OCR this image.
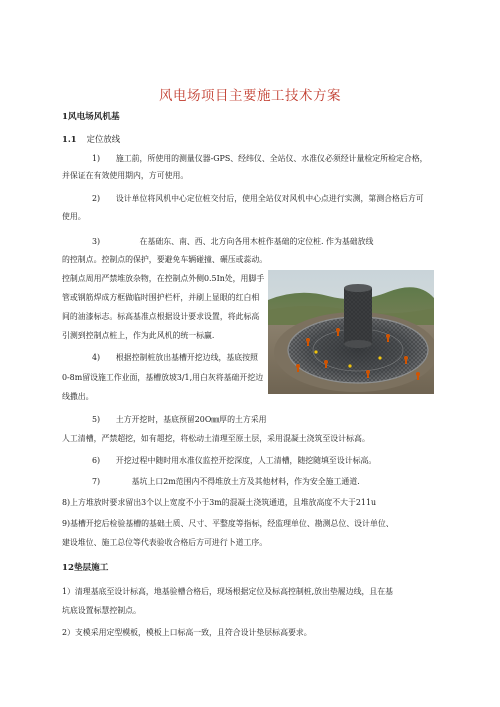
风电场项目主要施工技术方案

1风电场风机基

1.1 定位放线

1)　　施工前，所使用的测量仪器-GPS、经纬仪、全站仪、水准仪必须经计量检定所检定合格，

并保证在有效使用期内，方可使用。

2)　　设计单位将风机中心定位桩交付后，使用全站仪对风机中心点进行实测，第测合格后方可

使用。

3)　　　　　在基础东、南、西、北方向各用木桩作基础的定位桩. 作为基础放线

的控制点。控制点的保护，要避免车辆碰撞、碾压或蕊动。

控制点周用严禁堆放杂物，在控制点外侧0.5In处，用脚手

管或钢筋焊成方框做临时围护栏杆，并刷上显眼的红白相

间的油漆标志。标高基准点根据设计要求设置，将此标高

引测到控制点桩上，作为此风机的统一标赢.

4)　　根据控制桩放出基槽开挖边线，基底按照

0-8m留设施工作业面，基槽放坡3/1,用白灰将基础开挖边

线撒出。

5)　　土方开挖时，基底预留20O㎜厚的土方采用

人工清槽，严禁超挖，如有超挖，将松动土清理至原土层，采用混凝土浇筑至设计标高。

6)　　开挖过程中随时用水准仪监控开挖深度，人工清槽，随挖随填至设计标高。

7)　　　　基坑上口2m范围内不得堆放土方及其他材料，作为安全施工通道.

8)上方堆放时要求留出3个以上宽度不小于3m的混凝土浇筑通道，且堆放高度不大于211u

9)基槽开挖后检验基槽的基础土质、尺寸、平整度等指标，经监理单位、勘测总位、设计单位、

建设堆位、施工总位等代表验收合格后方可进行卜道工序。

12垫层施工

1）清理基底至设计标高，地基验槽合格后，现场根据定位及标高控制桩,放出垫履边线，且在基

坑底设置标慧控制点。

2）支模采用定型模板，模板上口标高一致，且符合设计垫层标高要求。
